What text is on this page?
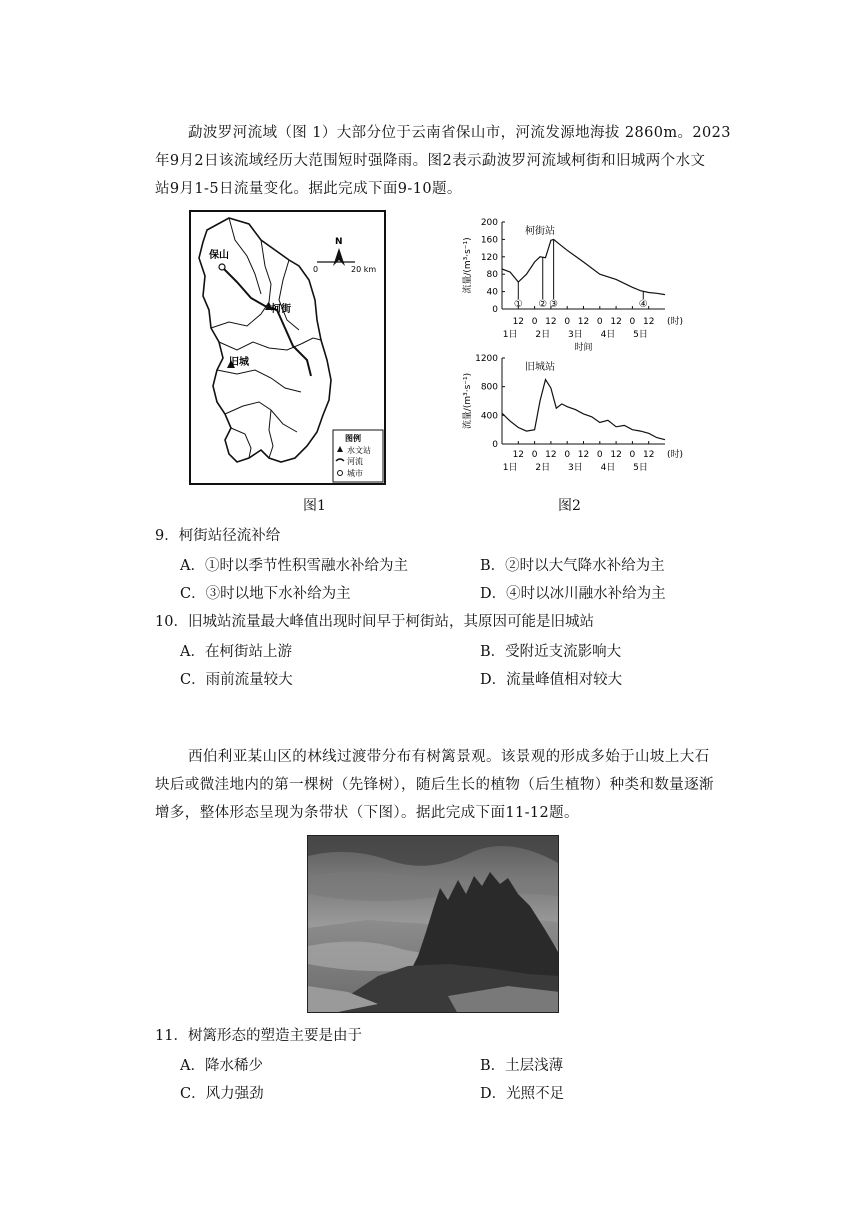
勐波罗河流域（图 1）大部分位于云南省保山市，河流发源地海拔 2860m。2023
年9月2日该流域经历大范围短时强降雨。图2表示勐波罗河流域柯街和旧城两个水文
站9月1-5日流量变化。据此完成下面9-10题。
保山
柯街
旧城
N
0	20 km
图例
水文站
河流
城市
图1
0
40
80
120
160
200
流量/(m³·s⁻¹)
柯街站
12 0 12 0 12 0 12 0 12 (时)
1日 2日 3日 4日 5日
时间
① ② ③	④
0
400
800
1200
流量/(m³·s⁻¹)
旧城站
12 0 12 0 12 0 12 0 12 (时)
1日 2日 3日 4日 5日
图2
9．柯街站径流补给
A．①时以季节性积雪融水补给为主	B．②时以大气降水补给为主
C．③时以地下水补给为主	D．④时以冰川融水补给为主
10．旧城站流量最大峰值出现时间早于柯街站，其原因可能是旧城站
A．在柯街站上游	B．受附近支流影响大
C．雨前流量较大	D．流量峰值相对较大
西伯利亚某山区的林线过渡带分布有树篱景观。该景观的形成多始于山坡上大石
块后或微洼地内的第一棵树（先锋树），随后生长的植物（后生植物）种类和数量逐渐
增多，整体形态呈现为条带状（下图）。据此完成下面11-12题。
11．树篱形态的塑造主要是由于
A．降水稀少	B．土层浅薄
C．风力强劲	D．光照不足
